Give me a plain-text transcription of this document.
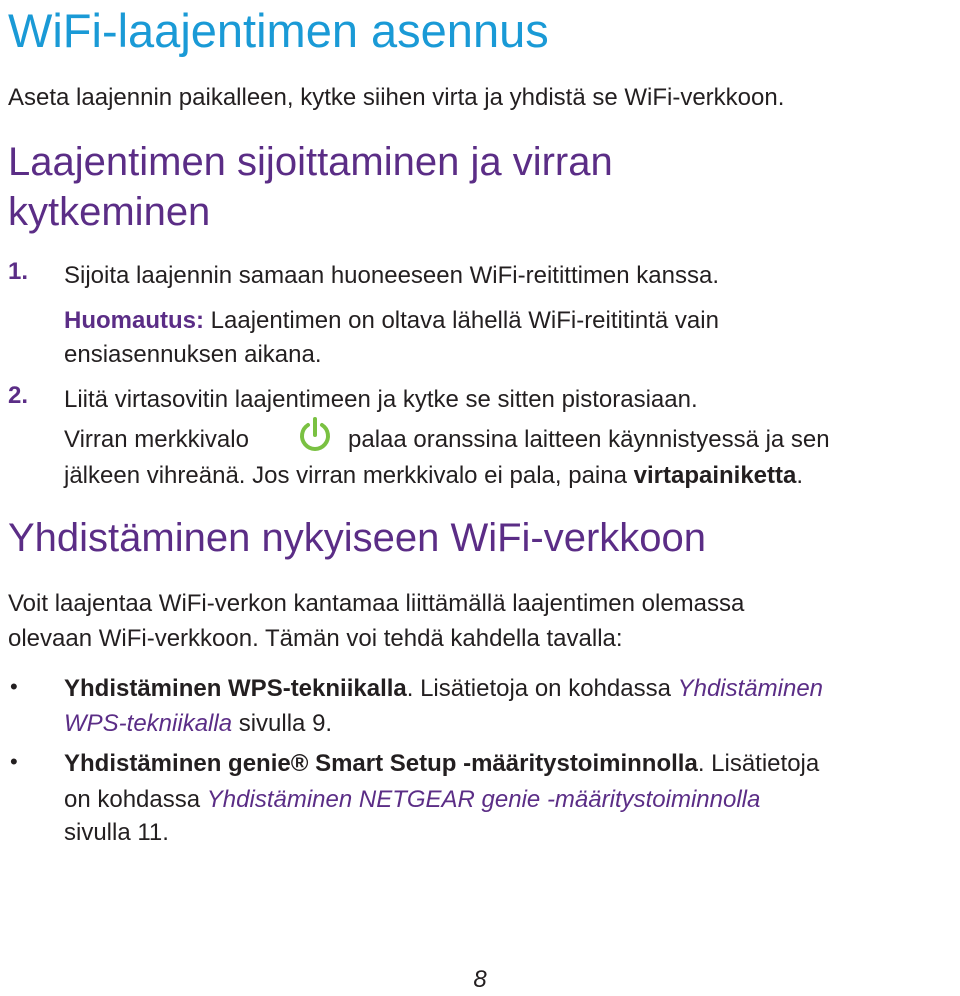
WiFi-laajentimen asennus
Aseta laajennin paikalleen, kytke siihen virta ja yhdistä se WiFi-verkkoon.
Laajentimen sijoittaminen ja virran
kytkeminen
1. Sijoita laajennin samaan huoneeseen WiFi-reitittimen kanssa.
Huomautus: Laajentimen on oltava lähellä WiFi-reititintä vain
ensiasennuksen aikana.
2. Liitä virtasovitin laajentimeen ja kytke se sitten pistorasiaan.
Virran merkkivalo	palaa oranssina laitteen käynnistyessä ja sen
jälkeen vihreänä. Jos virran merkkivalo ei pala, paina virtapainiketta.
Yhdistäminen nykyiseen WiFi-verkkoon
Voit laajentaa WiFi-verkon kantamaa liittämällä laajentimen olemassa
olevaan WiFi-verkkoon. Tämän voi tehdä kahdella tavalla:
• Yhdistäminen WPS-tekniikalla. Lisätietoja on kohdassa Yhdistäminen
WPS-tekniikalla sivulla 9.
• Yhdistäminen genie® Smart Setup -määritystoiminnolla. Lisätietoja
on kohdassa Yhdistäminen NETGEAR genie -määritystoiminnolla
sivulla 11.
8
